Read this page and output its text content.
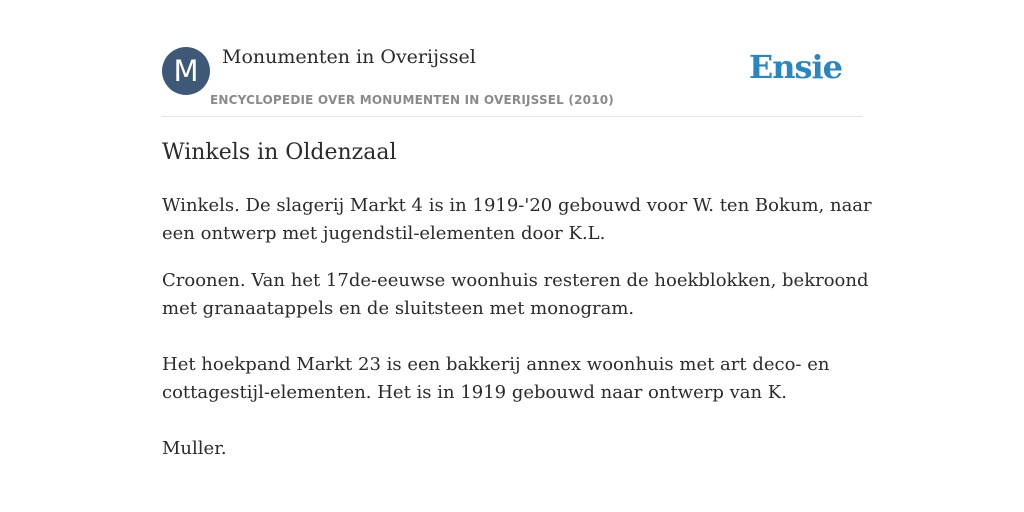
M	Monumenten in Overijssel
ENCYCLOPEDIE OVER MONUMENTEN IN OVERIJSSEL (2010)
Ensie
Winkels in Oldenzaal

Winkels. De slagerij Markt 4 is in 1919-'20 gebouwd voor W. ten Bokum, naar een ontwerp met jugendstil-elementen door K.L.

Croonen. Van het 17de-eeuwse woonhuis resteren de hoekblokken, bekroond met granaatappels en de sluitsteen met monogram.

Het hoekpand Markt 23 is een bakkerij annex woonhuis met art deco- en cottagestijl-elementen. Het is in 1919 gebouwd naar ontwerp van K.

Muller.
